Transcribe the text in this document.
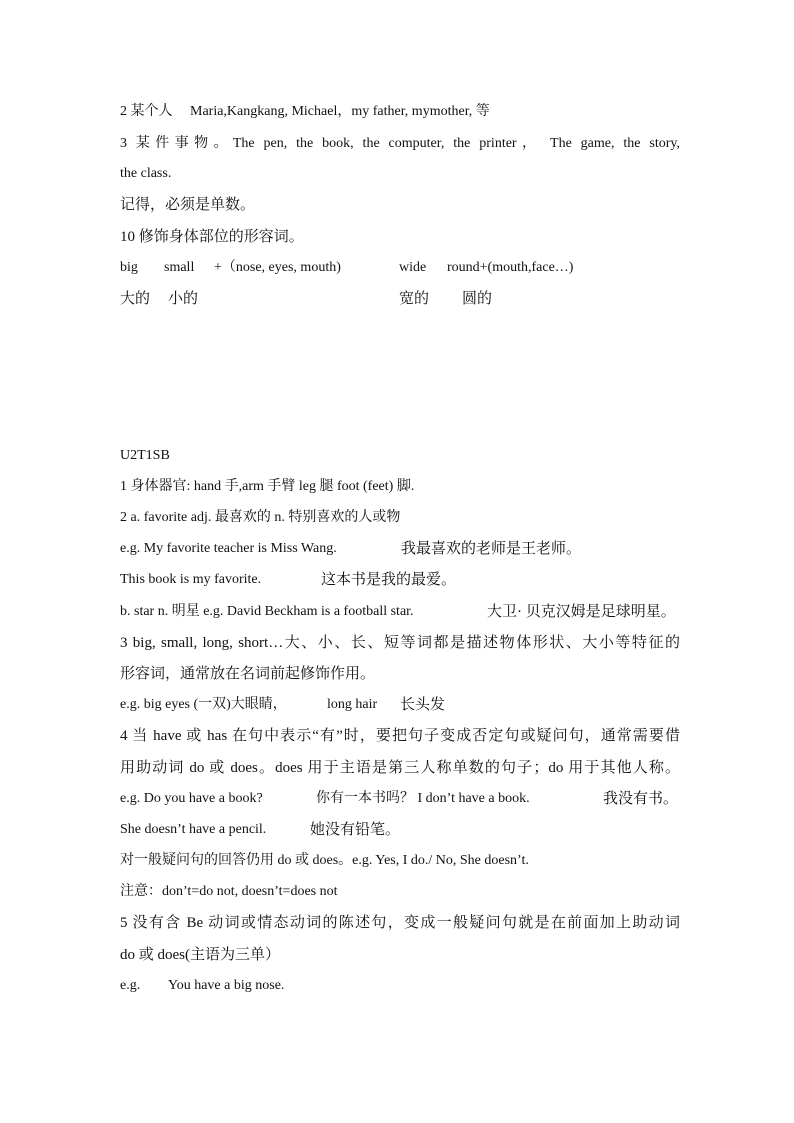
2 某个人　 Maria,Kangkang, Michael，my father, mymother, 等
3 某件事物。The pen, the book, the computer, the printer， The game, the story,
the class.
记得，必须是单数。
10 修饰身体部位的形容词。
big small +（nose, eyes, mouth)	wide round+(mouth,face…)
大的 小的	宽的 圆的
U2T1SB
1 身体器官: hand 手,arm 手臂 leg 腿 foot (feet) 脚.
2 a. favorite adj. 最喜欢的 n. 特别喜欢的人或物
e.g. My favorite teacher is Miss Wang.	我最喜欢的老师是王老师。
This book is my favorite.	这本书是我的最爱。
b. star n. 明星 e.g. David Beckham is a football star.	大卫· 贝克汉姆是足球明星。
3 big, small, long, short…大、小、长、短等词都是描述物体形状、大小等特征的
形容词，通常放在名词前起修饰作用。
e.g. big eyes (一双)大眼睛，	long hair 长头发
4 当 have 或 has 在句中表示“有”时，要把句子变成否定句或疑问句，通常需要借
用助动词 do 或 does。does 用于主语是第三人称单数的句子；do 用于其他人称。
e.g. Do you have a book?	你有一本书吗？ I don’t have a book.	我没有书。
She doesn’t have a pencil.	她没有铅笔。
对一般疑问句的回答仍用 do 或 does。e.g. Yes, I do./ No, She doesn’t.
注意：don’t=do not, doesn’t=does not
5 没有含 Be 动词或情态动词的陈述句，变成一般疑问句就是在前面加上助动词
do 或 does(主语为三单）
e.g. You have a big nose.
